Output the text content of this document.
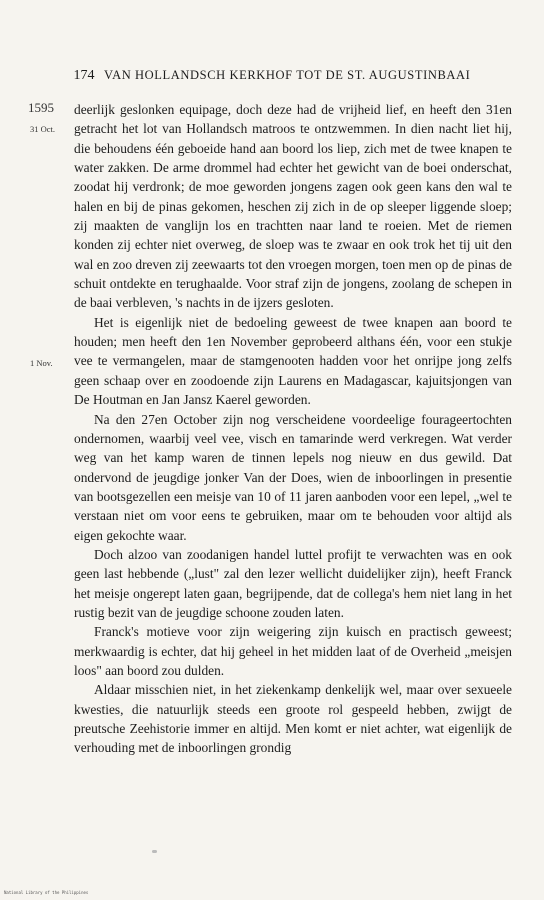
174 VAN HOLLANDSCH KERKHOF TOT DE ST. AUGUSTINBAAI
1595
31 Oct.
1 Nov.

deerlijk geslonken equipage, doch deze had de vrijheid lief, en heeft den 31en getracht het lot van Hollandsch matroos te ontzwemmen. In dien nacht liet hij, die behoudens één geboeide hand aan boord los liep, zich met de twee knapen te water zakken. De arme drommel had echter het gewicht van de boei onderschat, zoodat hij verdronk; de moe geworden jongens zagen ook geen kans den wal te halen en bij de pinas gekomen, heschen zij zich in de op sleeper liggende sloep; zij maakten de vanglijn los en trachtten naar land te roeien. Met de riemen konden zij echter niet overweg, de sloep was te zwaar en ook trok het tij uit den wal en zoo dreven zij zeewaarts tot den vroegen morgen, toen men op de pinas de schuit ontdekte en terughaalde. Voor straf zijn de jongens, zoolang de schepen in de baai verbleven, 's nachts in de ijzers gesloten.

Het is eigenlijk niet de bedoeling geweest de twee knapen aan boord te houden; men heeft den 1en November geprobeerd althans één, voor een stukje vee te vermangelen, maar de stamgenooten hadden voor het onrijpe jong zelfs geen schaap over en zoodoende zijn Laurens en Madagascar, kajuitsjongen van De Houtman en Jan Jansz Kaerel geworden.

Na den 27en October zijn nog verscheidene voordeelige fourageertochten ondernomen, waarbij veel vee, visch en tamarinde werd verkregen. Wat verder weg van het kamp waren de tinnen lepels nog nieuw en dus gewild. Dat ondervond de jeugdige jonker Van der Does, wien de inboorlingen in presentie van bootsgezellen een meisje van 10 of 11 jaren aanboden voor een lepel, „wel te verstaan niet om voor eens te gebruiken, maar om te behouden voor altijd als eigen gekochte waar.

Doch alzoo van zoodanigen handel luttel profijt te verwachten was en ook geen last hebbende („lust" zal den lezer wellicht duidelijker zijn), heeft Franck het meisje ongerept laten gaan, begrijpende, dat de collega's hem niet lang in het rustig bezit van de jeugdige schoone zouden laten.

Franck's motieve voor zijn weigering zijn kuisch en practisch geweest; merkwaardig is echter, dat hij geheel in het midden laat of de Overheid „meisjen loos" aan boord zou dulden.

Aldaar misschien niet, in het ziekenkamp denkelijk wel, maar over sexueele kwesties, die natuurlijk steeds een groote rol gespeeld hebben, zwijgt de preutsche Zeehistorie immer en altijd. Men komt er niet achter, wat eigenlijk de verhouding met de inboorlingen grondig

National Library of the Philippines
